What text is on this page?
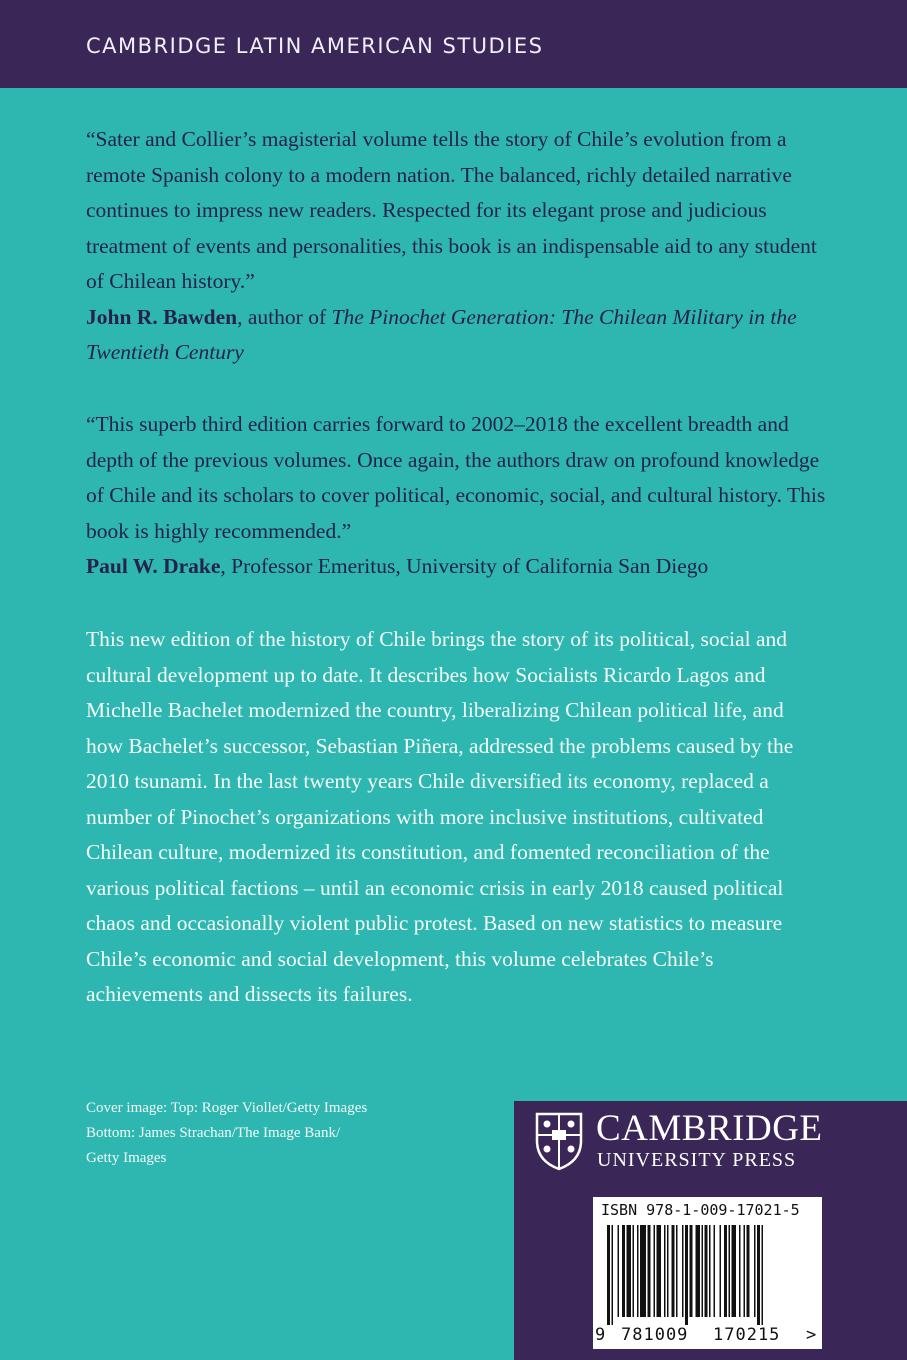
CAMBRIDGE LATIN AMERICAN STUDIES
“Sater and Collier’s magisterial volume tells the story of Chile’s evolution from a remote Spanish colony to a modern nation. The balanced, richly detailed narrative continues to impress new readers. Respected for its elegant prose and judicious treatment of events and personalities, this book is an indispensable aid to any student of Chilean history.”
John R. Bawden, author of The Pinochet Generation: The Chilean Military in the Twentieth Century
“This superb third edition carries forward to 2002–2018 the excellent breadth and depth of the previous volumes. Once again, the authors draw on profound knowledge of Chile and its scholars to cover political, economic, social, and cultural history. This book is highly recommended.”
Paul W. Drake, Professor Emeritus, University of California San Diego
This new edition of the history of Chile brings the story of its political, social and cultural development up to date. It describes how Socialists Ricardo Lagos and Michelle Bachelet modernized the country, liberalizing Chilean political life, and how Bachelet’s successor, Sebastian Piñera, addressed the problems caused by the 2010 tsunami. In the last twenty years Chile diversified its economy, replaced a number of Pinochet’s organizations with more inclusive institutions, cultivated Chilean culture, modernized its constitution, and fomented reconciliation of the various political factions – until an economic crisis in early 2018 caused political chaos and occasionally violent public protest. Based on new statistics to measure Chile’s economic and social development, this volume celebrates Chile’s achievements and dissects its failures.
Cover image: Top: Roger Viollet/Getty Images
Bottom: James Strachan/The Image Bank/
Getty Images
CAMBRIDGE
UNIVERSITY PRESS
ISBN 978-1-009-17021-5
9 781009 170215 >
